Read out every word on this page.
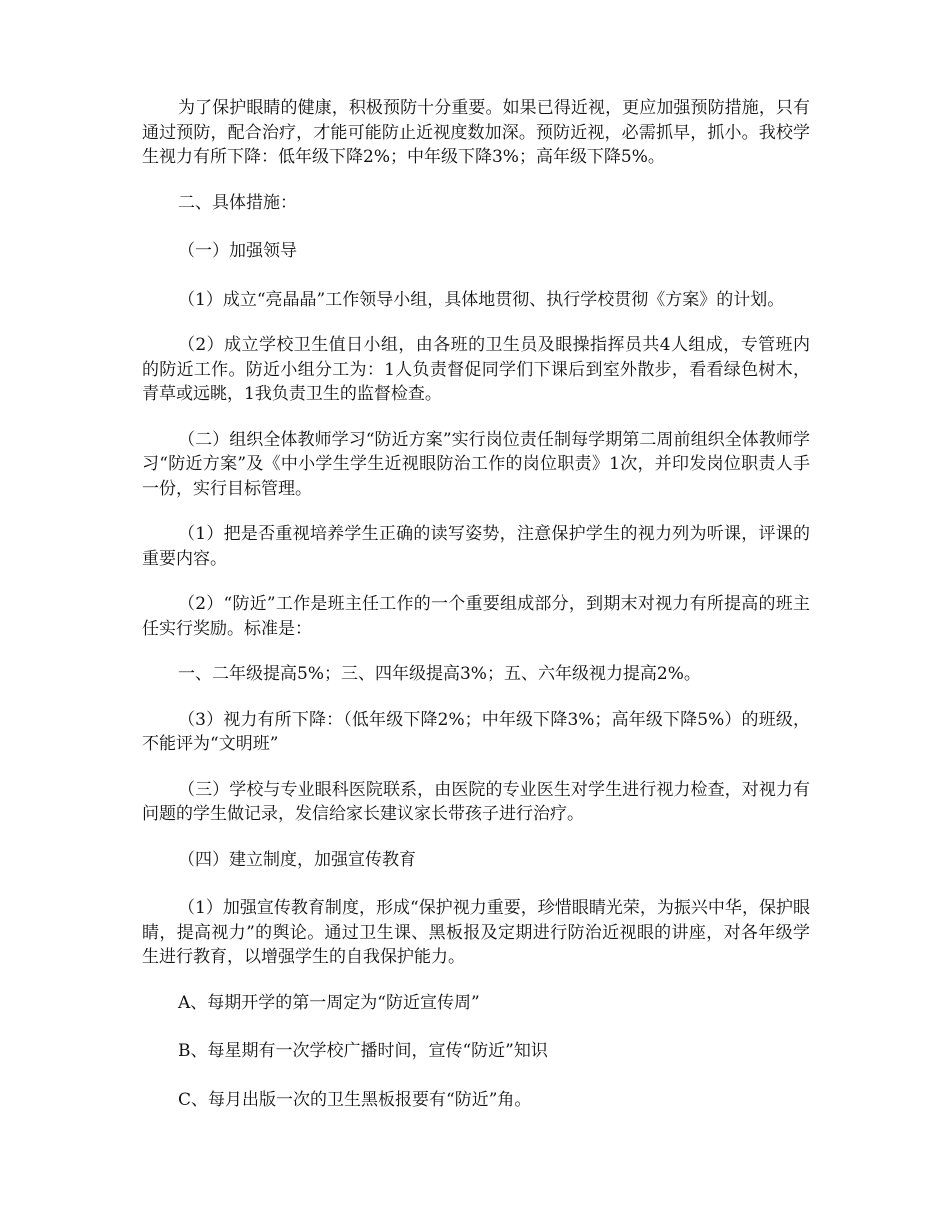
为了保护眼睛的健康，积极预防十分重要。如果已得近视，更应加强预防措施，只有通过预防，配合治疗，才能可能防止近视度数加深。预防近视，必需抓早，抓小。我校学生视力有所下降：低年级下降2%；中年级下降3%；高年级下降5%。

二、具体措施：

（一）加强领导

（1）成立“亮晶晶”工作领导小组，具体地贯彻、执行学校贯彻《方案》的计划。

（2）成立学校卫生值日小组，由各班的卫生员及眼操指挥员共4人组成，专管班内的防近工作。防近小组分工为：1人负责督促同学们下课后到室外散步，看看绿色树木，青草或远眺，1我负责卫生的监督检查。

（二）组织全体教师学习“防近方案”实行岗位责任制每学期第二周前组织全体教师学习“防近方案”及《中小学生学生近视眼防治工作的岗位职责》1次，并印发岗位职责人手一份，实行目标管理。

（1）把是否重视培养学生正确的读写姿势，注意保护学生的视力列为听课，评课的重要内容。

（2）“防近”工作是班主任工作的一个重要组成部分，到期末对视力有所提高的班主任实行奖励。标准是：

一、二年级提高5%；三、四年级提高3%；五、六年级视力提高2%。

（3）视力有所下降：（低年级下降2%；中年级下降3%；高年级下降5%）的班级，不能评为“文明班”

（三）学校与专业眼科医院联系，由医院的专业医生对学生进行视力检查，对视力有问题的学生做记录，发信给家长建议家长带孩子进行治疗。

（四）建立制度，加强宣传教育

（1）加强宣传教育制度，形成“保护视力重要，珍惜眼睛光荣，为振兴中华，保护眼睛，提高视力”的舆论。通过卫生课、黑板报及定期进行防治近视眼的讲座，对各年级学生进行教育，以增强学生的自我保护能力。

A、每期开学的第一周定为“防近宣传周”

B、每星期有一次学校广播时间，宣传“防近”知识

C、每月出版一次的卫生黑板报要有“防近”角。
